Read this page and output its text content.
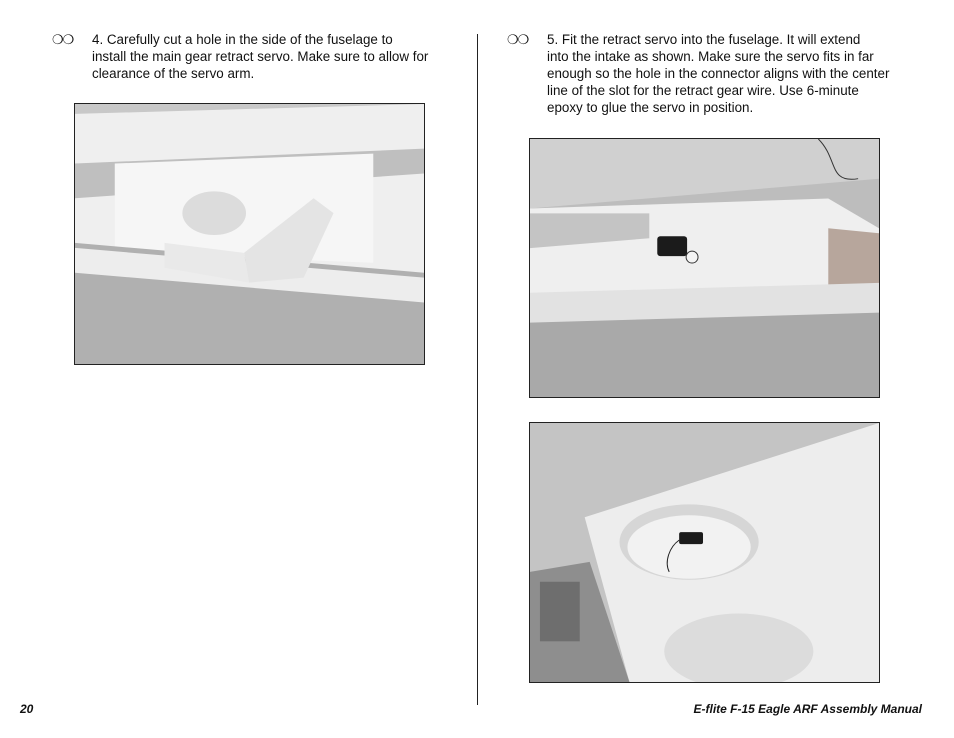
❍❍ 4. Carefully cut a hole in the side of the fuselage to
install the main gear retract servo. Make sure to allow for
clearance of the servo arm.
❍❍ 5. Fit the retract servo into the fuselage. It will extend
into the intake as shown. Make sure the servo fits in far
enough so the hole in the connector aligns with the center
line of the slot for the retract gear wire. Use 6-minute
epoxy to glue the servo in position.
20	E-flite F-15 Eagle ARF Assembly Manual
